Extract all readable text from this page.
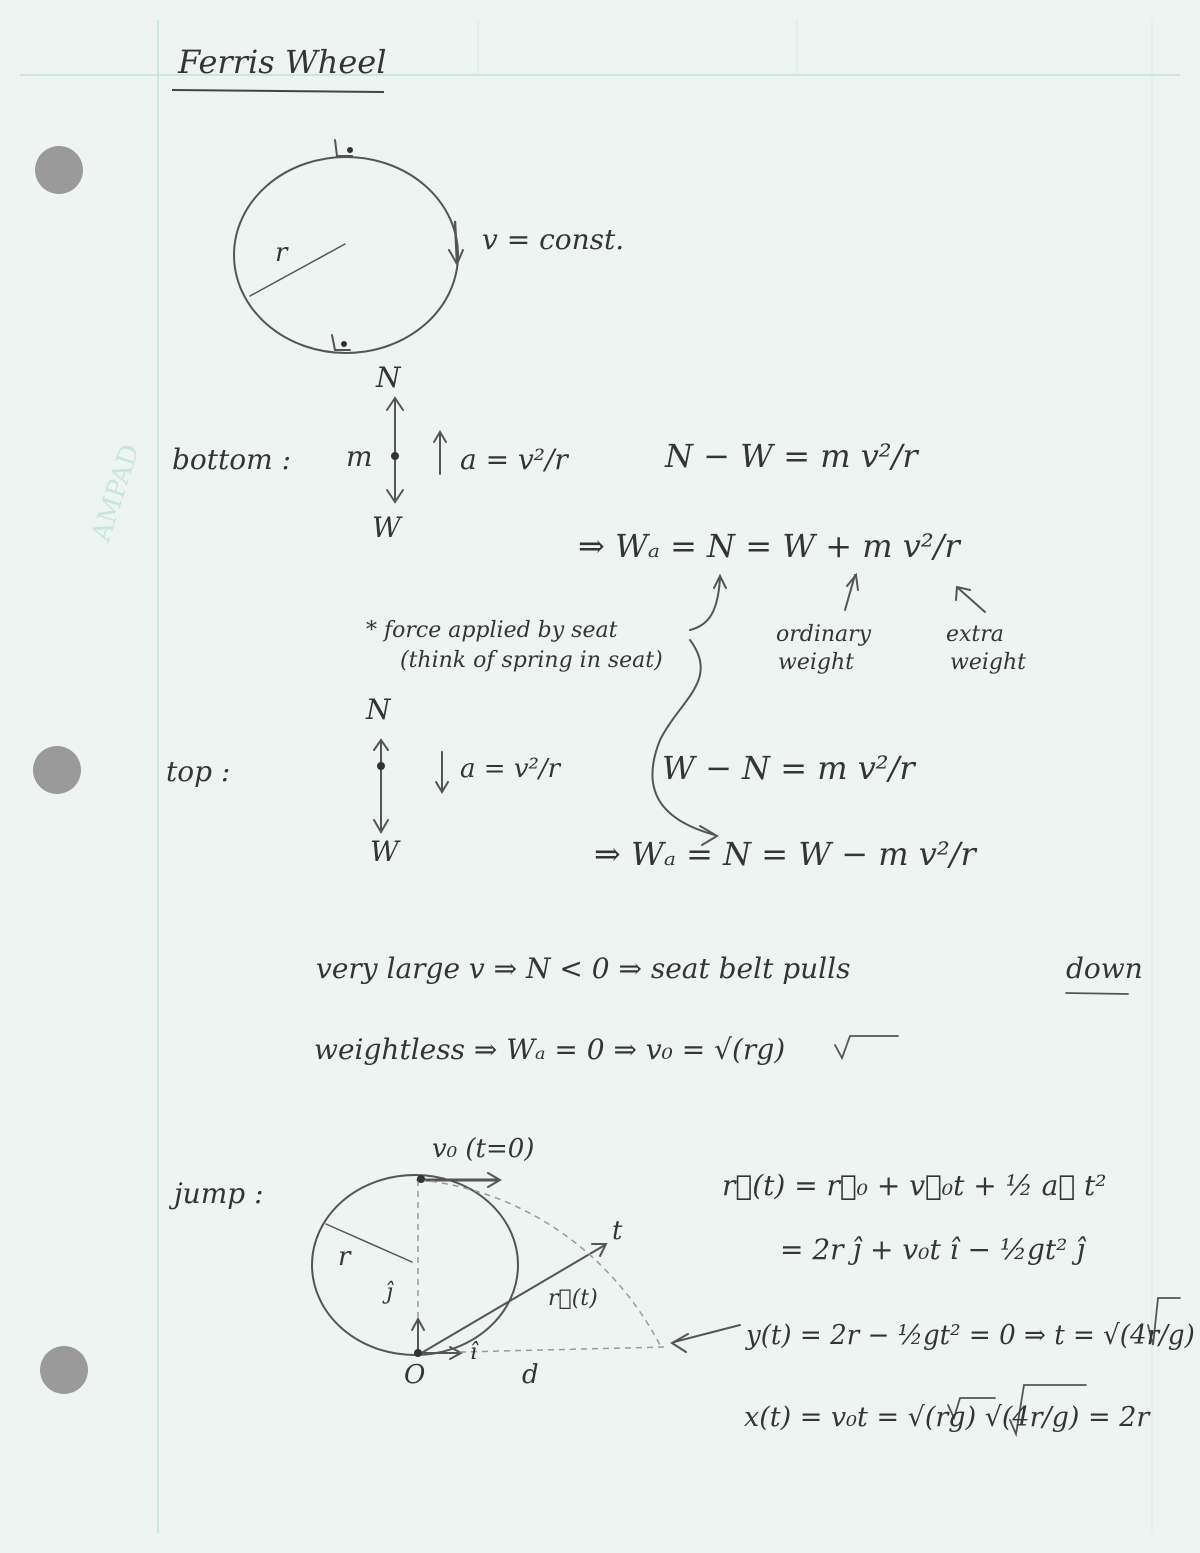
AMPAD
Ferris Wheel
v = const.
r
bottom :
N
m
W
a = v²/r	N − W = m v²/r
⇒ Wₐ = N = W + m v²/r
* force applied by seat
(think of spring in seat)
ordinary
weight
extra
weight
top :
N
W
a = v²/r	W − N = m v²/r
⇒ Wₐ = N = W − m v²/r
very large v ⇒ N < 0 ⇒ seat belt pulls	down
weightless ⇒ Wₐ = 0 ⇒ v₀ = √(rg)
jump :
v₀ (t=0)
r
t
r⃗(t)
ĵ
î
O	d
r⃗(t) = r⃗₀ + v⃗₀t + ½ a⃗ t²
= 2r ĵ + v₀t î − ½gt² ĵ
y(t) = 2r − ½gt² = 0 ⇒ t = √(4r/g)
x(t) = v₀t = √(rg) √(4r/g) = 2r
